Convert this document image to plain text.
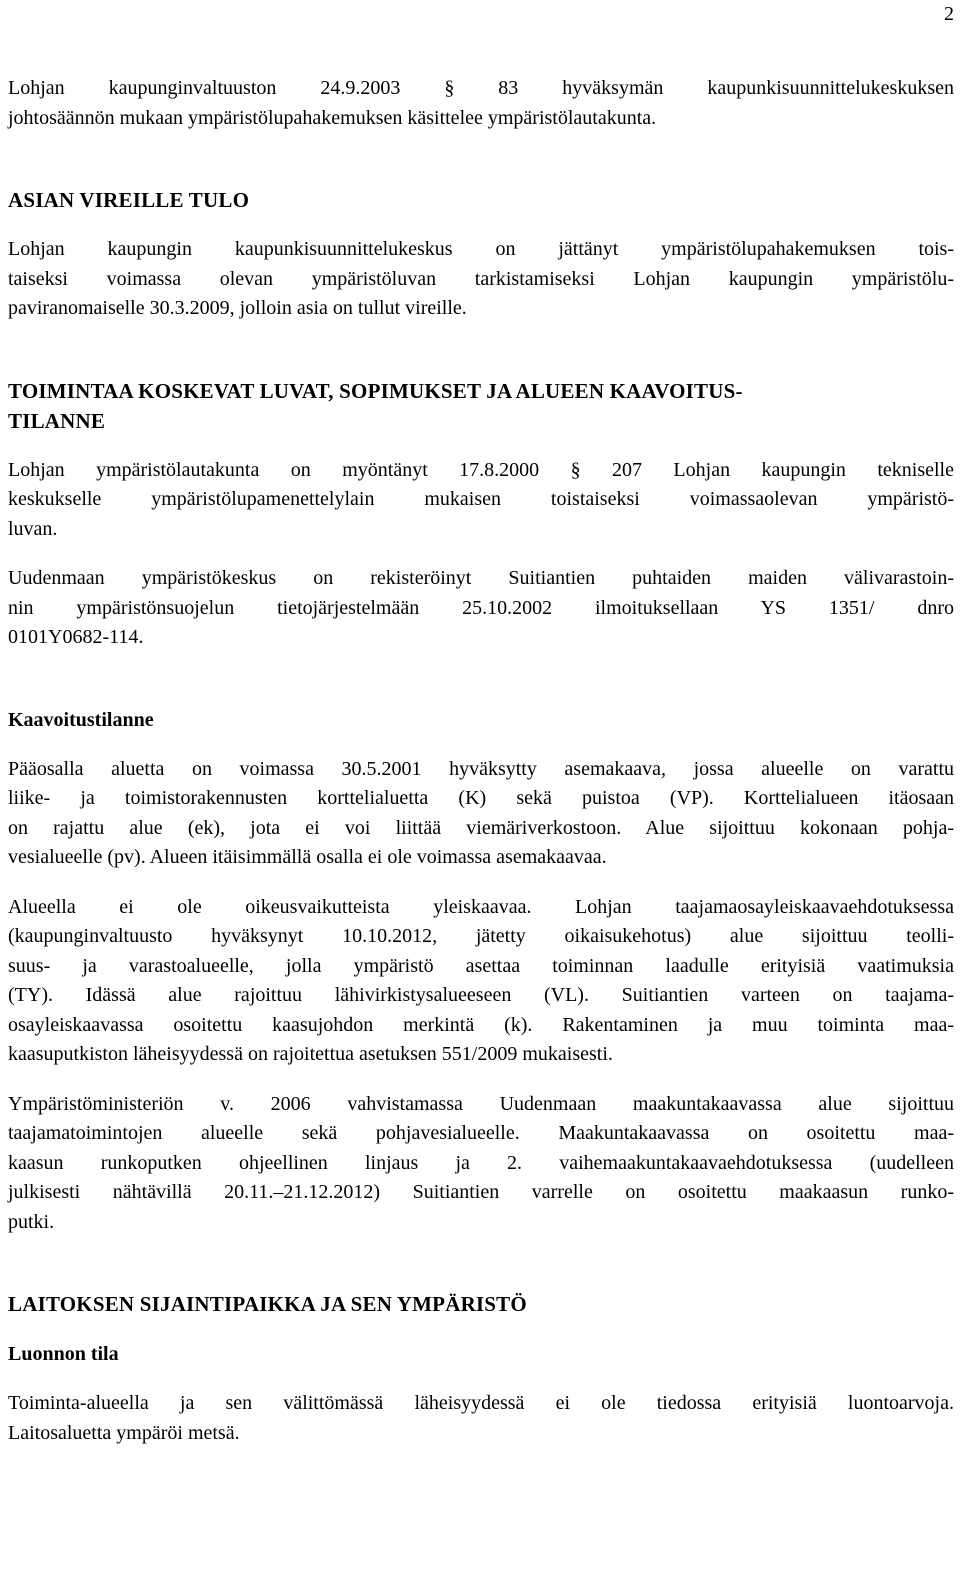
2

Lohjan kaupunginvaltuuston 24.9.2003 § 83 hyväksymän kaupunkisuunnittelukeskuksen
johtosäännön mukaan ympäristölupahakemuksen käsittelee ympäristölautakunta.

ASIAN VIREILLE TULO

Lohjan kaupungin kaupunkisuunnittelukeskus on jättänyt ympäristölupahakemuksen tois-
taiseksi voimassa olevan ympäristöluvan tarkistamiseksi Lohjan kaupungin ympäristölu-
paviranomaiselle 30.3.2009, jolloin asia on tullut vireille.

TOIMINTAA KOSKEVAT LUVAT, SOPIMUKSET JA ALUEEN KAAVOITUS-
TILANNE

Lohjan ympäristölautakunta on myöntänyt 17.8.2000 § 207 Lohjan kaupungin tekniselle
keskukselle ympäristölupamenettelylain mukaisen toistaiseksi voimassaolevan ympäristö-
luvan.

Uudenmaan ympäristökeskus on rekisteröinyt Suitiantien puhtaiden maiden välivarastoin-
nin ympäristönsuojelun tietojärjestelmään 25.10.2002 ilmoituksellaan YS 1351/ dnro
0101Y0682-114.

Kaavoitustilanne

Pääosalla aluetta on voimassa 30.5.2001 hyväksytty asemakaava, jossa alueelle on varattu
liike- ja toimistorakennusten korttelialuetta (K) sekä puistoa (VP). Korttelialueen itäosaan
on rajattu alue (ek), jota ei voi liittää viemäriverkostoon. Alue sijoittuu kokonaan pohja-
vesialueelle (pv). Alueen itäisimmällä osalla ei ole voimassa asemakaavaa.

Alueella ei ole oikeusvaikutteista yleiskaavaa. Lohjan taajamaosayleiskaavaehdotuksessa
(kaupunginvaltuusto hyväksynyt 10.10.2012, jätetty oikaisukehotus) alue sijoittuu teolli-
suus- ja varastoalueelle, jolla ympäristö asettaa toiminnan laadulle erityisiä vaatimuksia
(TY). Idässä alue rajoittuu lähivirkistysalueeseen (VL). Suitiantien varteen on taajama-
osayleiskaavassa osoitettu kaasujohdon merkintä (k). Rakentaminen ja muu toiminta maa-
kaasuputkiston läheisyydessä on rajoitettua asetuksen 551/2009 mukaisesti.

Ympäristöministeriön v. 2006 vahvistamassa Uudenmaan maakuntakaavassa alue sijoittuu
taajamatoimintojen alueelle sekä pohjavesialueelle. Maakuntakaavassa on osoitettu maa-
kaasun runkoputken ohjeellinen linjaus ja 2. vaihemaakuntakaavaehdotuksessa (uudelleen
julkisesti nähtävillä 20.11.–21.12.2012) Suitiantien varrelle on osoitettu maakaasun runko-
putki.

LAITOKSEN SIJAINTIPAIKKA JA SEN YMPÄRISTÖ
Luonnon tila

Toiminta-alueella ja sen välittömässä läheisyydessä ei ole tiedossa erityisiä luontoarvoja.
Laitosaluetta ympäröi metsä.
